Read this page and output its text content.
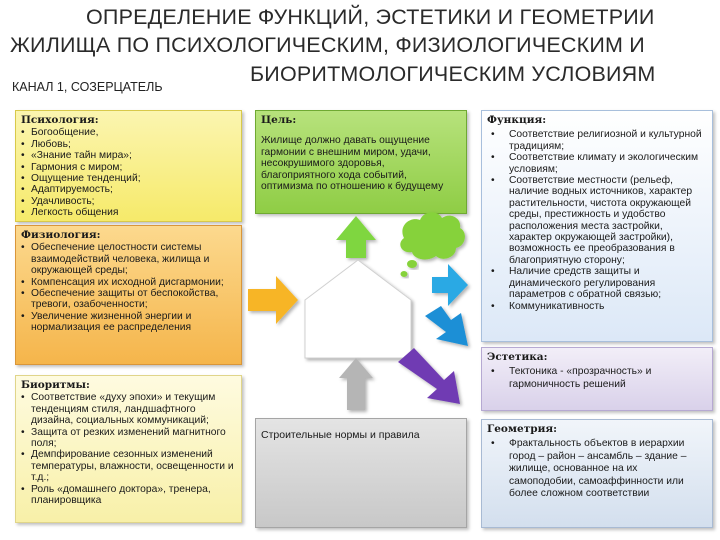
ОПРЕДЕЛЕНИЕ ФУНКЦИЙ, ЭСТЕТИКИ И ГЕОМЕТРИИ
ЖИЛИЩА ПО ПСИХОЛОГИЧЕСКИМ, ФИЗИОЛОГИЧЕСКИМ И
БИОРИТМОЛОГИЧЕСКИМ УСЛОВИЯМ
КАНАЛ 1, СОЗЕРЦАТЕЛЬ
Психология:
• Богообщение,
• Любовь;
• «Знание тайн мира»;
• Гармония с миром;
• Ощущение тенденций;
• Адаптируемость;
• Удачливость;
• Легкость общения
Физиология:
• Обеспечение целостности системы взаимодействий человека, жилища и окружающей среды;
• Компенсация их исходной дисгармонии;
• Обеспечение защиты от беспокойства, тревоги, озабоченности;
• Увеличение жизненной энергии и нормализация ее распределения
Биоритмы:
• Соответствие «духу эпохи» и текущим тенденциям стиля, ландшафтного дизайна, социальных коммуникаций;
• Защита от резких изменений магнитного поля;
• Демпфирование сезонных изменений температуры, влажности, освещенности и т.д.;
• Роль «домашнего доктора», тренера, планировщика
Цель:
Жилище должно давать ощущение гармонии с внешним миром, удачи, несокрушимого здоровья, благоприятного хода событий, оптимизма по отношению к будущему
Строительные нормы и правила
Функция:
• Соответствие религиозной и культурной традициям;
• Соответствие климату и экологическим условиям;
• Соответствие местности (рельеф, наличие водных источников, характер растительности, чистота окружающей среды, престижность и удобство расположения места застройки, характер окружающей застройки), возможность ее преобразования в благоприятную сторону;
• Наличие средств защиты и динамического регулирования параметров с обратной связью;
• Коммуникативность
Эстетика:
• Тектоника - «прозрачность» и гармоничность решений
Геометрия:
• Фрактальность объектов в иерархии город – район – ансамбль – здание – жилище, основанное на их самоподобии, самоаффинности или более сложном соответствии
